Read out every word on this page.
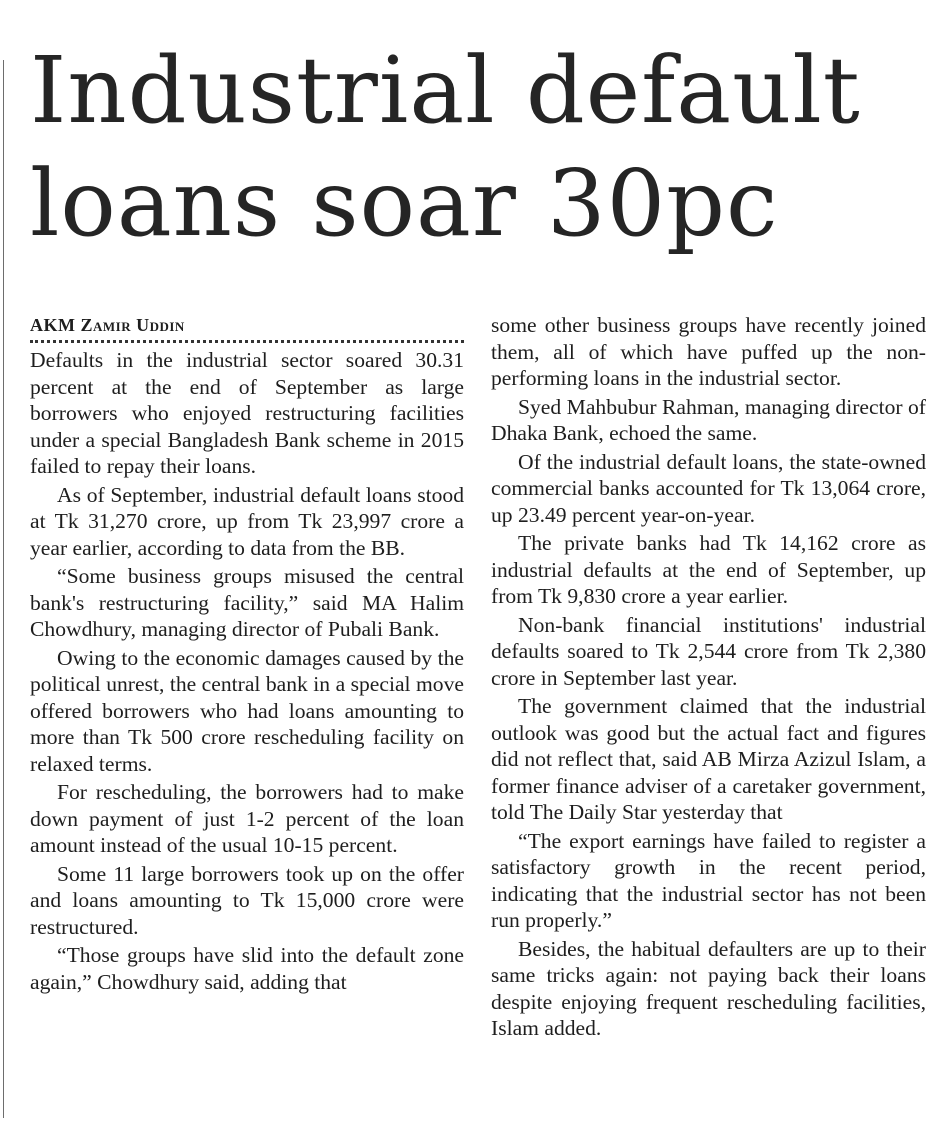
Industrial default
loans soar 30pc
AKM Zamir Uddin

Defaults in the industrial sector soared 30.31 percent at the end of September as large borrowers who enjoyed restructuring facilities under a special Bangladesh Bank scheme in 2015 failed to repay their loans.

As of September, industrial default loans stood at Tk 31,270 crore, up from Tk 23,997 crore a year earlier, according to data from the BB.

“Some business groups misused the central bank's restructuring facility,” said MA Halim Chowdhury, managing director of Pubali Bank.

Owing to the economic damages caused by the political unrest, the central bank in a special move offered borrowers who had loans amounting to more than Tk 500 crore rescheduling facility on relaxed terms.

For rescheduling, the borrowers had to make down payment of just 1-2 percent of the loan amount instead of the usual 10-15 percent.

Some 11 large borrowers took up on the offer and loans amounting to Tk 15,000 crore were restructured.

“Those groups have slid into the default zone again,” Chowdhury said, adding that

some other business groups have recently joined them, all of which have puffed up the non-performing loans in the industrial sector.

Syed Mahbubur Rahman, managing director of Dhaka Bank, echoed the same.

Of the industrial default loans, the state-owned commercial banks accounted for Tk 13,064 crore, up 23.49 percent year-on-year.

The private banks had Tk 14,162 crore as industrial defaults at the end of September, up from Tk 9,830 crore a year earlier.

Non-bank financial institutions' industrial defaults soared to Tk 2,544 crore from Tk 2,380 crore in September last year.

The government claimed that the industrial outlook was good but the actual fact and figures did not reflect that, said AB Mirza Azizul Islam, a former finance adviser of a caretaker government, told The Daily Star yesterday that

“The export earnings have failed to register a satisfactory growth in the recent period, indicating that the industrial sector has not been run properly.”

Besides, the habitual defaulters are up to their same tricks again: not paying back their loans despite enjoying frequent rescheduling facilities, Islam added.
